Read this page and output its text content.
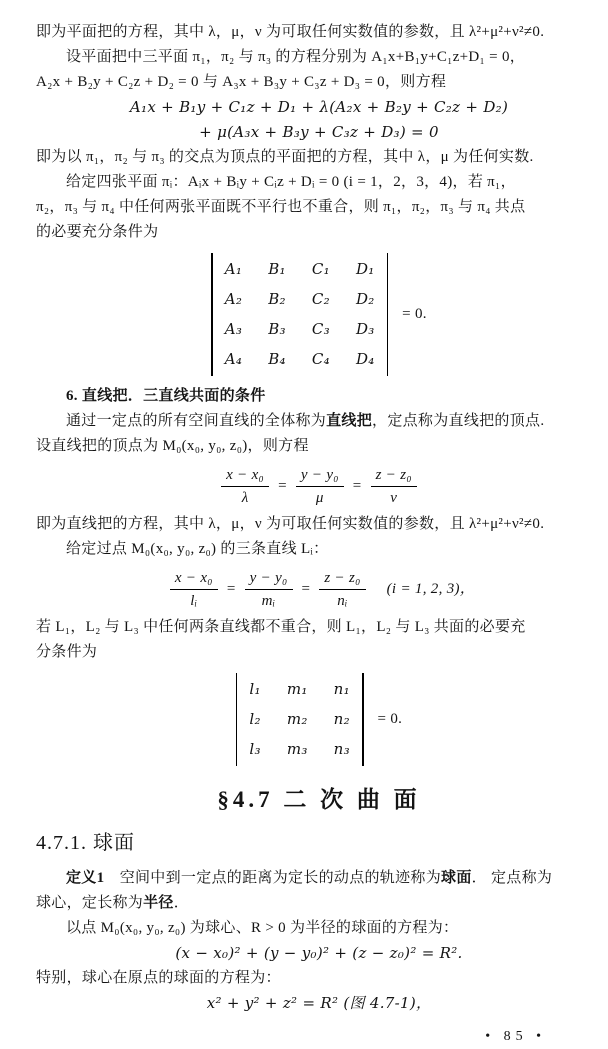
即为平面把的方程，其中 λ，μ，ν 为可取任何实数值的参数，且 λ²+μ²+ν²≠0.
设平面把中三平面 π₁，π₂ 与 π₃ 的方程分别为 A₁x+B₁y+C₁z+D₁ = 0，
A₂x + B₂y + C₂z + D₂ = 0 与 A₃x + B₃y + C₃z + D₃ = 0，则方程
A₁x + B₁y + C₁z + D₁ + λ(A₂x + B₂y + C₂z + D₂)
+ μ(A₃x + B₃y + C₃z + D₃) = 0
即为以 π₁，π₂ 与 π₃ 的交点为顶点的平面把的方程，其中 λ，μ 为任何实数.
给定四张平面 πᵢ：Aᵢx + Bᵢy + Cᵢz + Dᵢ = 0 (i = 1，2，3，4)，若 π₁，
π₂，π₃ 与 π₄ 中任何两张平面既不平行也不重合，则 π₁，π₂，π₃ 与 π₄ 共点
的必要充分条件为
A₁ B₁ C₁ D₁
A₂ B₂ C₂ D₂
A₃ B₃ C₃ D₃
A₄ B₄ C₄ D₄
= 0.
6. 直线把．三直线共面的条件
通过一定点的所有空间直线的全体称为直线把，定点称为直线把的顶点.
设直线把的顶点为 M₀(x₀, y₀, z₀)，则方程
$\frac{\text{x − x₀}}{\lambda} = \frac{\text{y − y₀}}{\mu} = \frac{\text{z − z₀}}{\nu}$
即为直线把的方程，其中 λ，μ，ν 为可取任何实数值的参数，且 λ²+μ²+ν²≠0.
给定过点 M₀(x₀, y₀, z₀) 的三条直线 Lᵢ：
$\frac{\text{x − x₀}}{\text{lᵢ}} = \frac{\text{y − y₀}}{\text{mᵢ}} = \frac{\text{z − z₀}}{\text{nᵢ}} (i = 1$, 2, 3)，
若 L₁，L₂ 与 L₃ 中任何两条直线都不重合，则 L₁，L₂ 与 L₃ 共面的必要充
分条件为
l₁ m₁ n₁
l₂ m₂ n₂
l₃ m₃ n₃
= 0.
§4.7 二 次 曲 面
4.7.1. 球面
定义1　空间中到一定点的距离为定长的动点的轨迹称为球面． 定点称为
球心，定长称为半径．
以点 M₀(x₀, y₀, z₀) 为球心、R > 0 为半径的球面的方程为：
(x − x₀)² + (y − y₀)² + (z − z₀)² = R².
特别，球心在原点的球面的方程为：
x² + y² + z² = R² (图 4.7-1)，
• 85 •
